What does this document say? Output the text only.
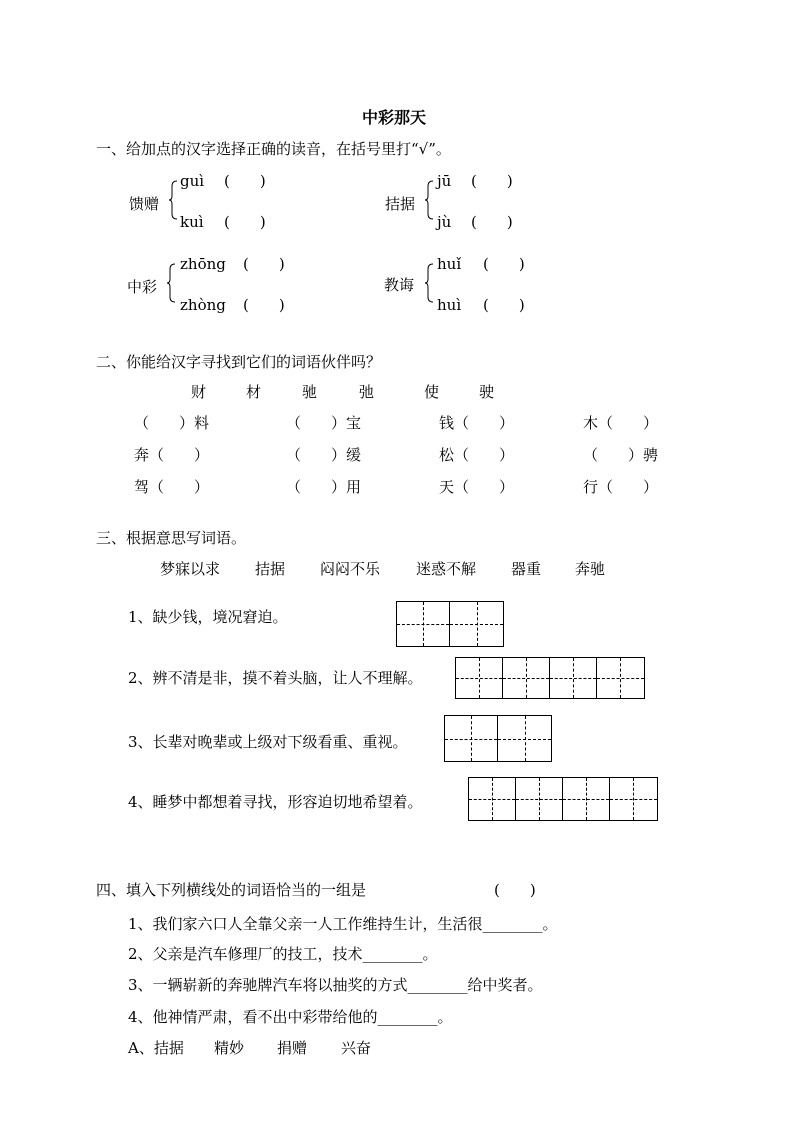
中彩那天
一、给加点的汉字选择正确的读音，在括号里打“√”。
馈赠
guì (　　)
kuì (　　)
拮据
jū (　　)
jù (　　)
中彩
zhōng (　　)
zhòng (　　)
教诲
huǐ (　　)
huì (　　)
二、你能给汉字寻找到它们的词语伙伴吗？
财	材	驰	弛	使	驶
（　　）料	（　　）宝	钱（　　）	木（　　）
奔（　　）	（　　）缓	松（　　）	（　　）骋
驾（　　）	（　　）用	天（　　）	行（　　）
三、根据意思写词语。
梦寐以求 拮据 闷闷不乐 迷惑不解 器重 奔驰
1、缺少钱，境况窘迫。
2、辨不清是非，摸不着头脑，让人不理解。
3、长辈对晚辈或上级对下级看重、重视。
4、睡梦中都想着寻找，形容迫切地希望着。
四、填入下列横线处的词语恰当的一组是	(　　)
1、我们家六口人全靠父亲一人工作维持生计，生活很________。
2、父亲是汽车修理厂的技工，技术________。
3、一辆崭新的奔驰牌汽车将以抽奖的方式________给中奖者。
4、他神情严肃，看不出中彩带给他的________。
A、拮据 精妙 捐赠 兴奋
